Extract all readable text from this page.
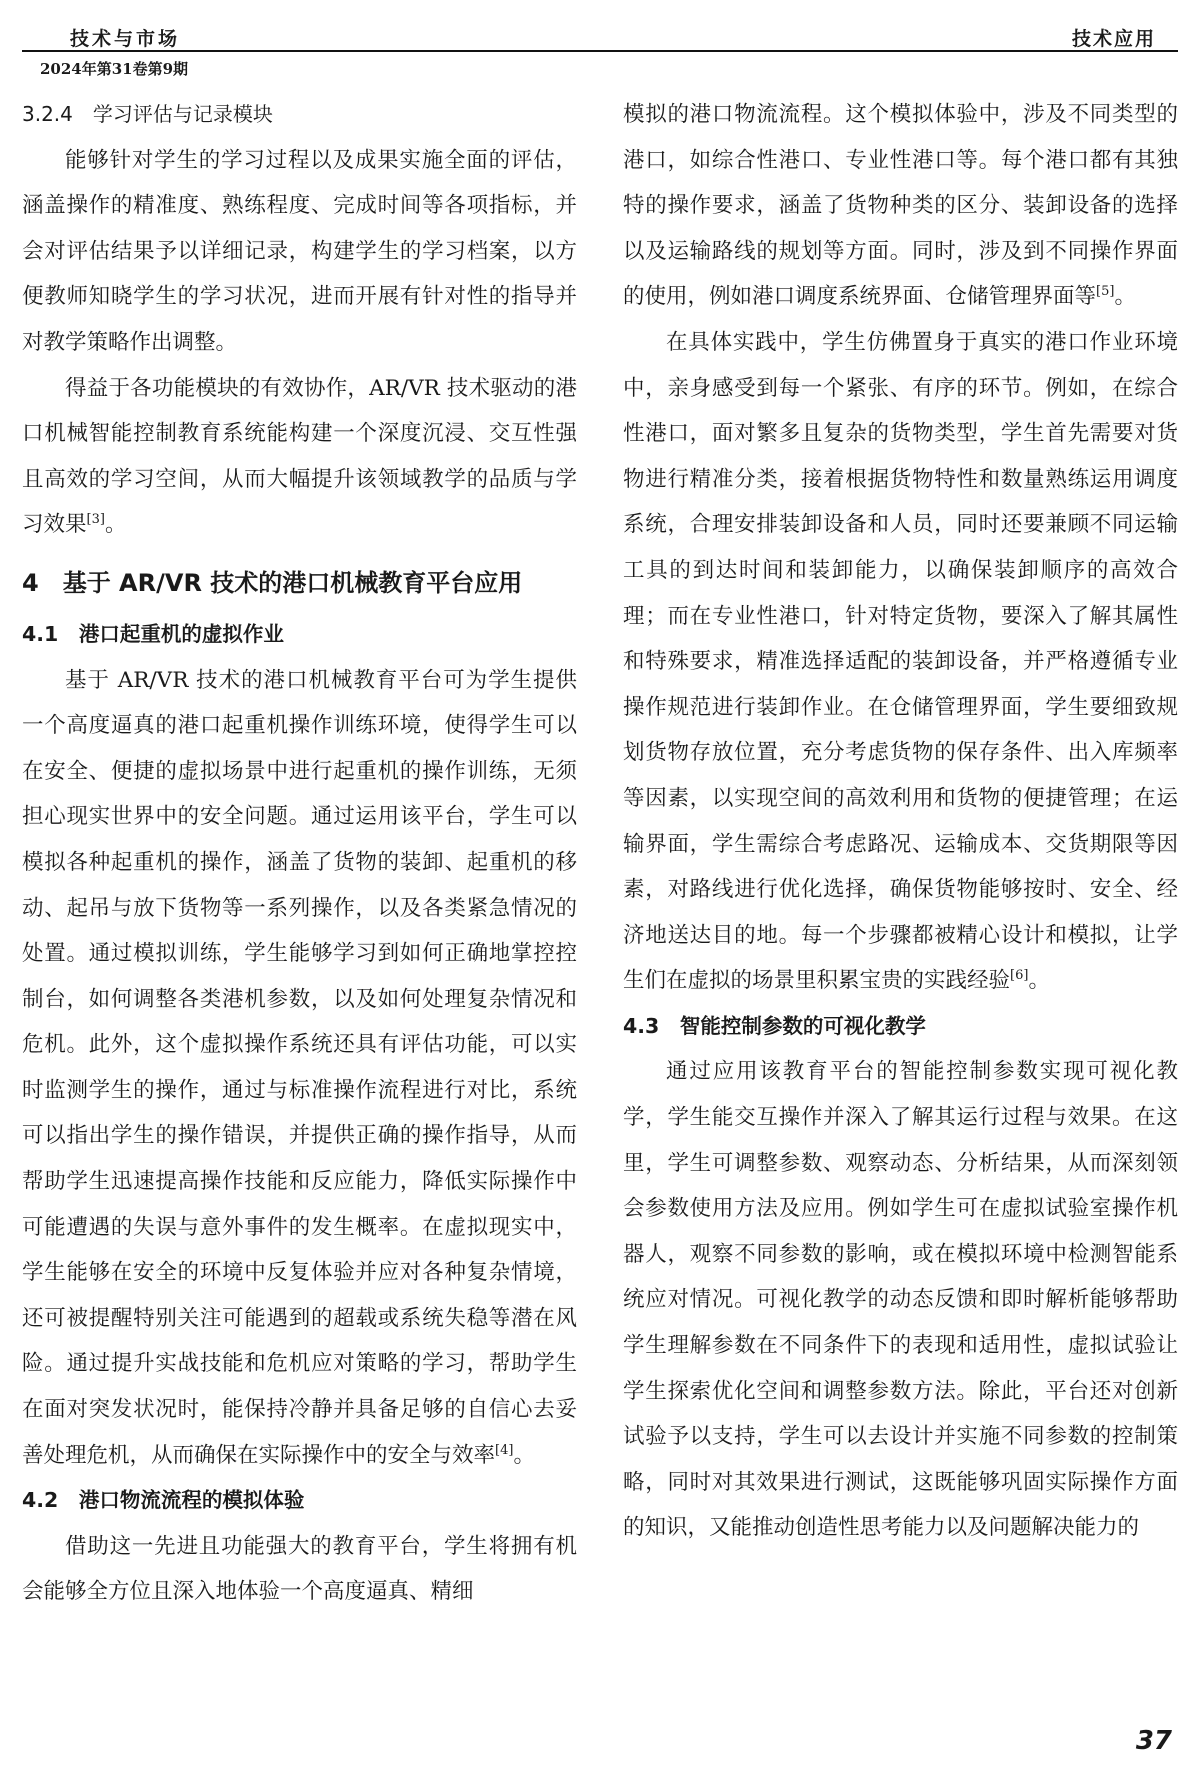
技术与市场	技术应用
2024年第31卷第9期
3.2.4　学习评估与记录模块

能够针对学生的学习过程以及成果实施全面的评估，涵盖操作的精准度、熟练程度、完成时间等各项指标，并会对评估结果予以详细记录，构建学生的学习档案，以方便教师知晓学生的学习状况，进而开展有针对性的指导并对教学策略作出调整。

得益于各功能模块的有效协作，AR/VR 技术驱动的港口机械智能控制教育系统能构建一个深度沉浸、交互性强且高效的学习空间，从而大幅提升该领域教学的品质与学习效果[3]。

4　基于 AR/VR 技术的港口机械教育平台应用
4.1　港口起重机的虚拟作业

基于 AR/VR 技术的港口机械教育平台可为学生提供一个高度逼真的港口起重机操作训练环境，使得学生可以在安全、便捷的虚拟场景中进行起重机的操作训练，无须担心现实世界中的安全问题。通过运用该平台，学生可以模拟各种起重机的操作，涵盖了货物的装卸、起重机的移动、起吊与放下货物等一系列操作，以及各类紧急情况的处置。通过模拟训练，学生能够学习到如何正确地掌控控制台，如何调整各类港机参数，以及如何处理复杂情况和危机。此外，这个虚拟操作系统还具有评估功能，可以实时监测学生的操作，通过与标准操作流程进行对比，系统可以指出学生的操作错误，并提供正确的操作指导，从而帮助学生迅速提高操作技能和反应能力，降低实际操作中可能遭遇的失误与意外事件的发生概率。在虚拟现实中，学生能够在安全的环境中反复体验并应对各种复杂情境，还可被提醒特别关注可能遇到的超载或系统失稳等潜在风险。通过提升实战技能和危机应对策略的学习，帮助学生在面对突发状况时，能保持冷静并具备足够的自信心去妥善处理危机，从而确保在实际操作中的安全与效率[4]。

4.2　港口物流流程的模拟体验

借助这一先进且功能强大的教育平台，学生将拥有机会能够全方位且深入地体验一个高度逼真、精细

模拟的港口物流流程。这个模拟体验中，涉及不同类型的港口，如综合性港口、专业性港口等。每个港口都有其独特的操作要求，涵盖了货物种类的区分、装卸设备的选择以及运输路线的规划等方面。同时，涉及到不同操作界面的使用，例如港口调度系统界面、仓储管理界面等[5]。

在具体实践中，学生仿佛置身于真实的港口作业环境中，亲身感受到每一个紧张、有序的环节。例如，在综合性港口，面对繁多且复杂的货物类型，学生首先需要对货物进行精准分类，接着根据货物特性和数量熟练运用调度系统，合理安排装卸设备和人员，同时还要兼顾不同运输工具的到达时间和装卸能力，以确保装卸顺序的高效合理；而在专业性港口，针对特定货物，要深入了解其属性和特殊要求，精准选择适配的装卸设备，并严格遵循专业操作规范进行装卸作业。在仓储管理界面，学生要细致规划货物存放位置，充分考虑货物的保存条件、出入库频率等因素，以实现空间的高效利用和货物的便捷管理；在运输界面，学生需综合考虑路况、运输成本、交货期限等因素，对路线进行优化选择，确保货物能够按时、安全、经济地送达目的地。每一个步骤都被精心设计和模拟，让学生们在虚拟的场景里积累宝贵的实践经验[6]。

4.3　智能控制参数的可视化教学

通过应用该教育平台的智能控制参数实现可视化教学，学生能交互操作并深入了解其运行过程与效果。在这里，学生可调整参数、观察动态、分析结果，从而深刻领会参数使用方法及应用。例如学生可在虚拟试验室操作机器人，观察不同参数的影响，或在模拟环境中检测智能系统应对情况。可视化教学的动态反馈和即时解析能够帮助学生理解参数在不同条件下的表现和适用性，虚拟试验让学生探索优化空间和调整参数方法。除此，平台还对创新试验予以支持，学生可以去设计并实施不同参数的控制策略，同时对其效果进行测试，这既能够巩固实际操作方面的知识，又能推动创造性思考能力以及问题解决能力的

37
